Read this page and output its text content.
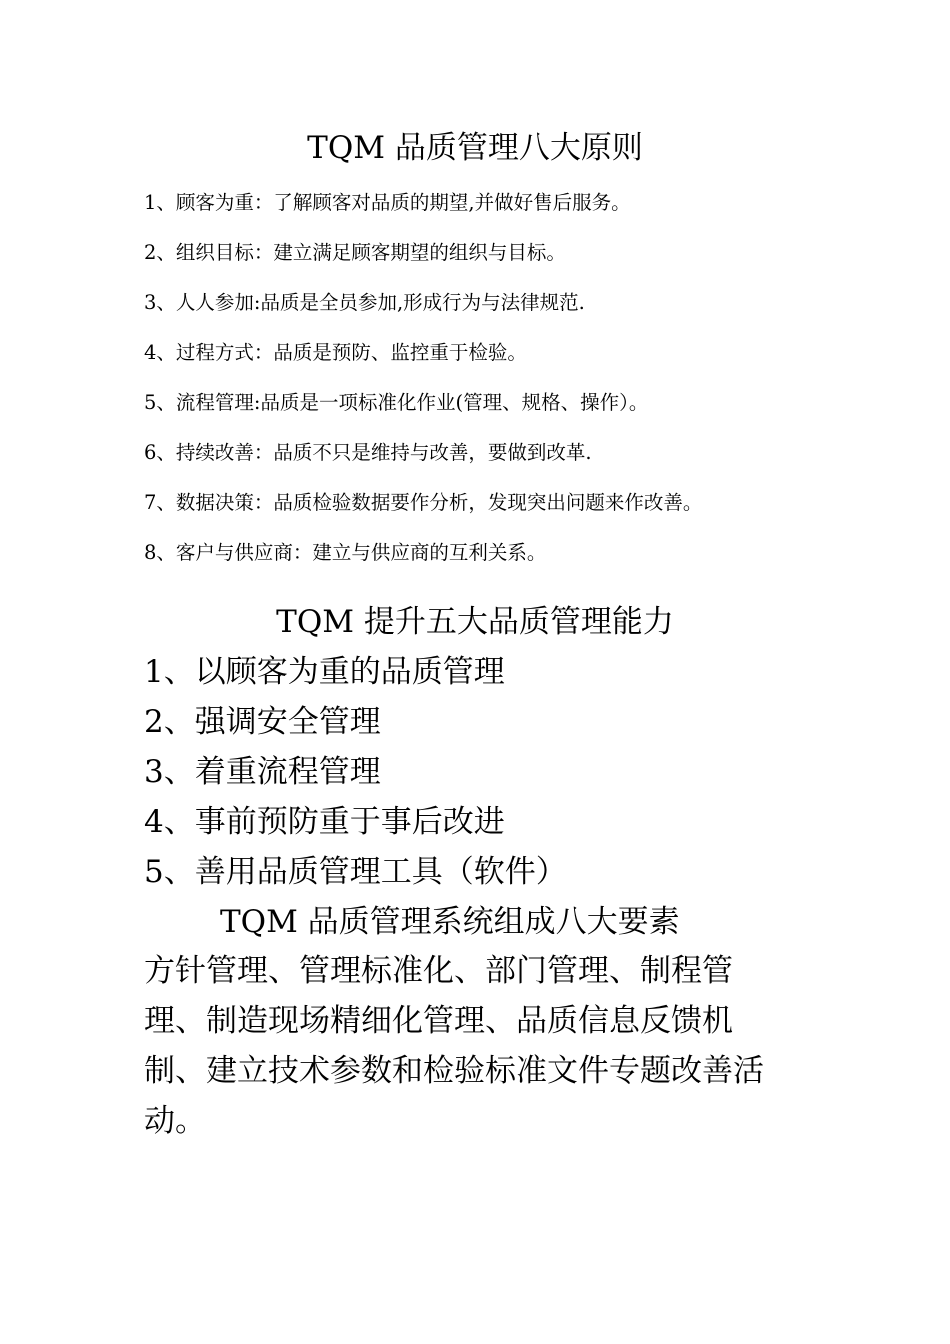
TQM 品质管理八大原则
1、顾客为重：了解顾客对品质的期望,并做好售后服务。
2、组织目标：建立满足顾客期望的组织与目标。
3、人人参加:品质是全员参加,形成行为与法律规范.
4、过程方式：品质是预防、监控重于检验。
5、流程管理:品质是一项标准化作业(管理、规格、操作）。
6、持续改善：品质不只是维持与改善，要做到改革.
7、数据决策：品质检验数据要作分析，发现突出问题来作改善。
8、客户与供应商：建立与供应商的互利关系。
TQM 提升五大品质管理能力
1、以顾客为重的品质管理
2、强调安全管理
3、着重流程管理
4、事前预防重于事后改进
5、善用品质管理工具（软件）
TQM 品质管理系统组成八大要素
方针管理、管理标准化、部门管理、制程管理、制造现场精细化管理、品质信息反馈机制、建立技术参数和检验标准文件专题改善活动。
